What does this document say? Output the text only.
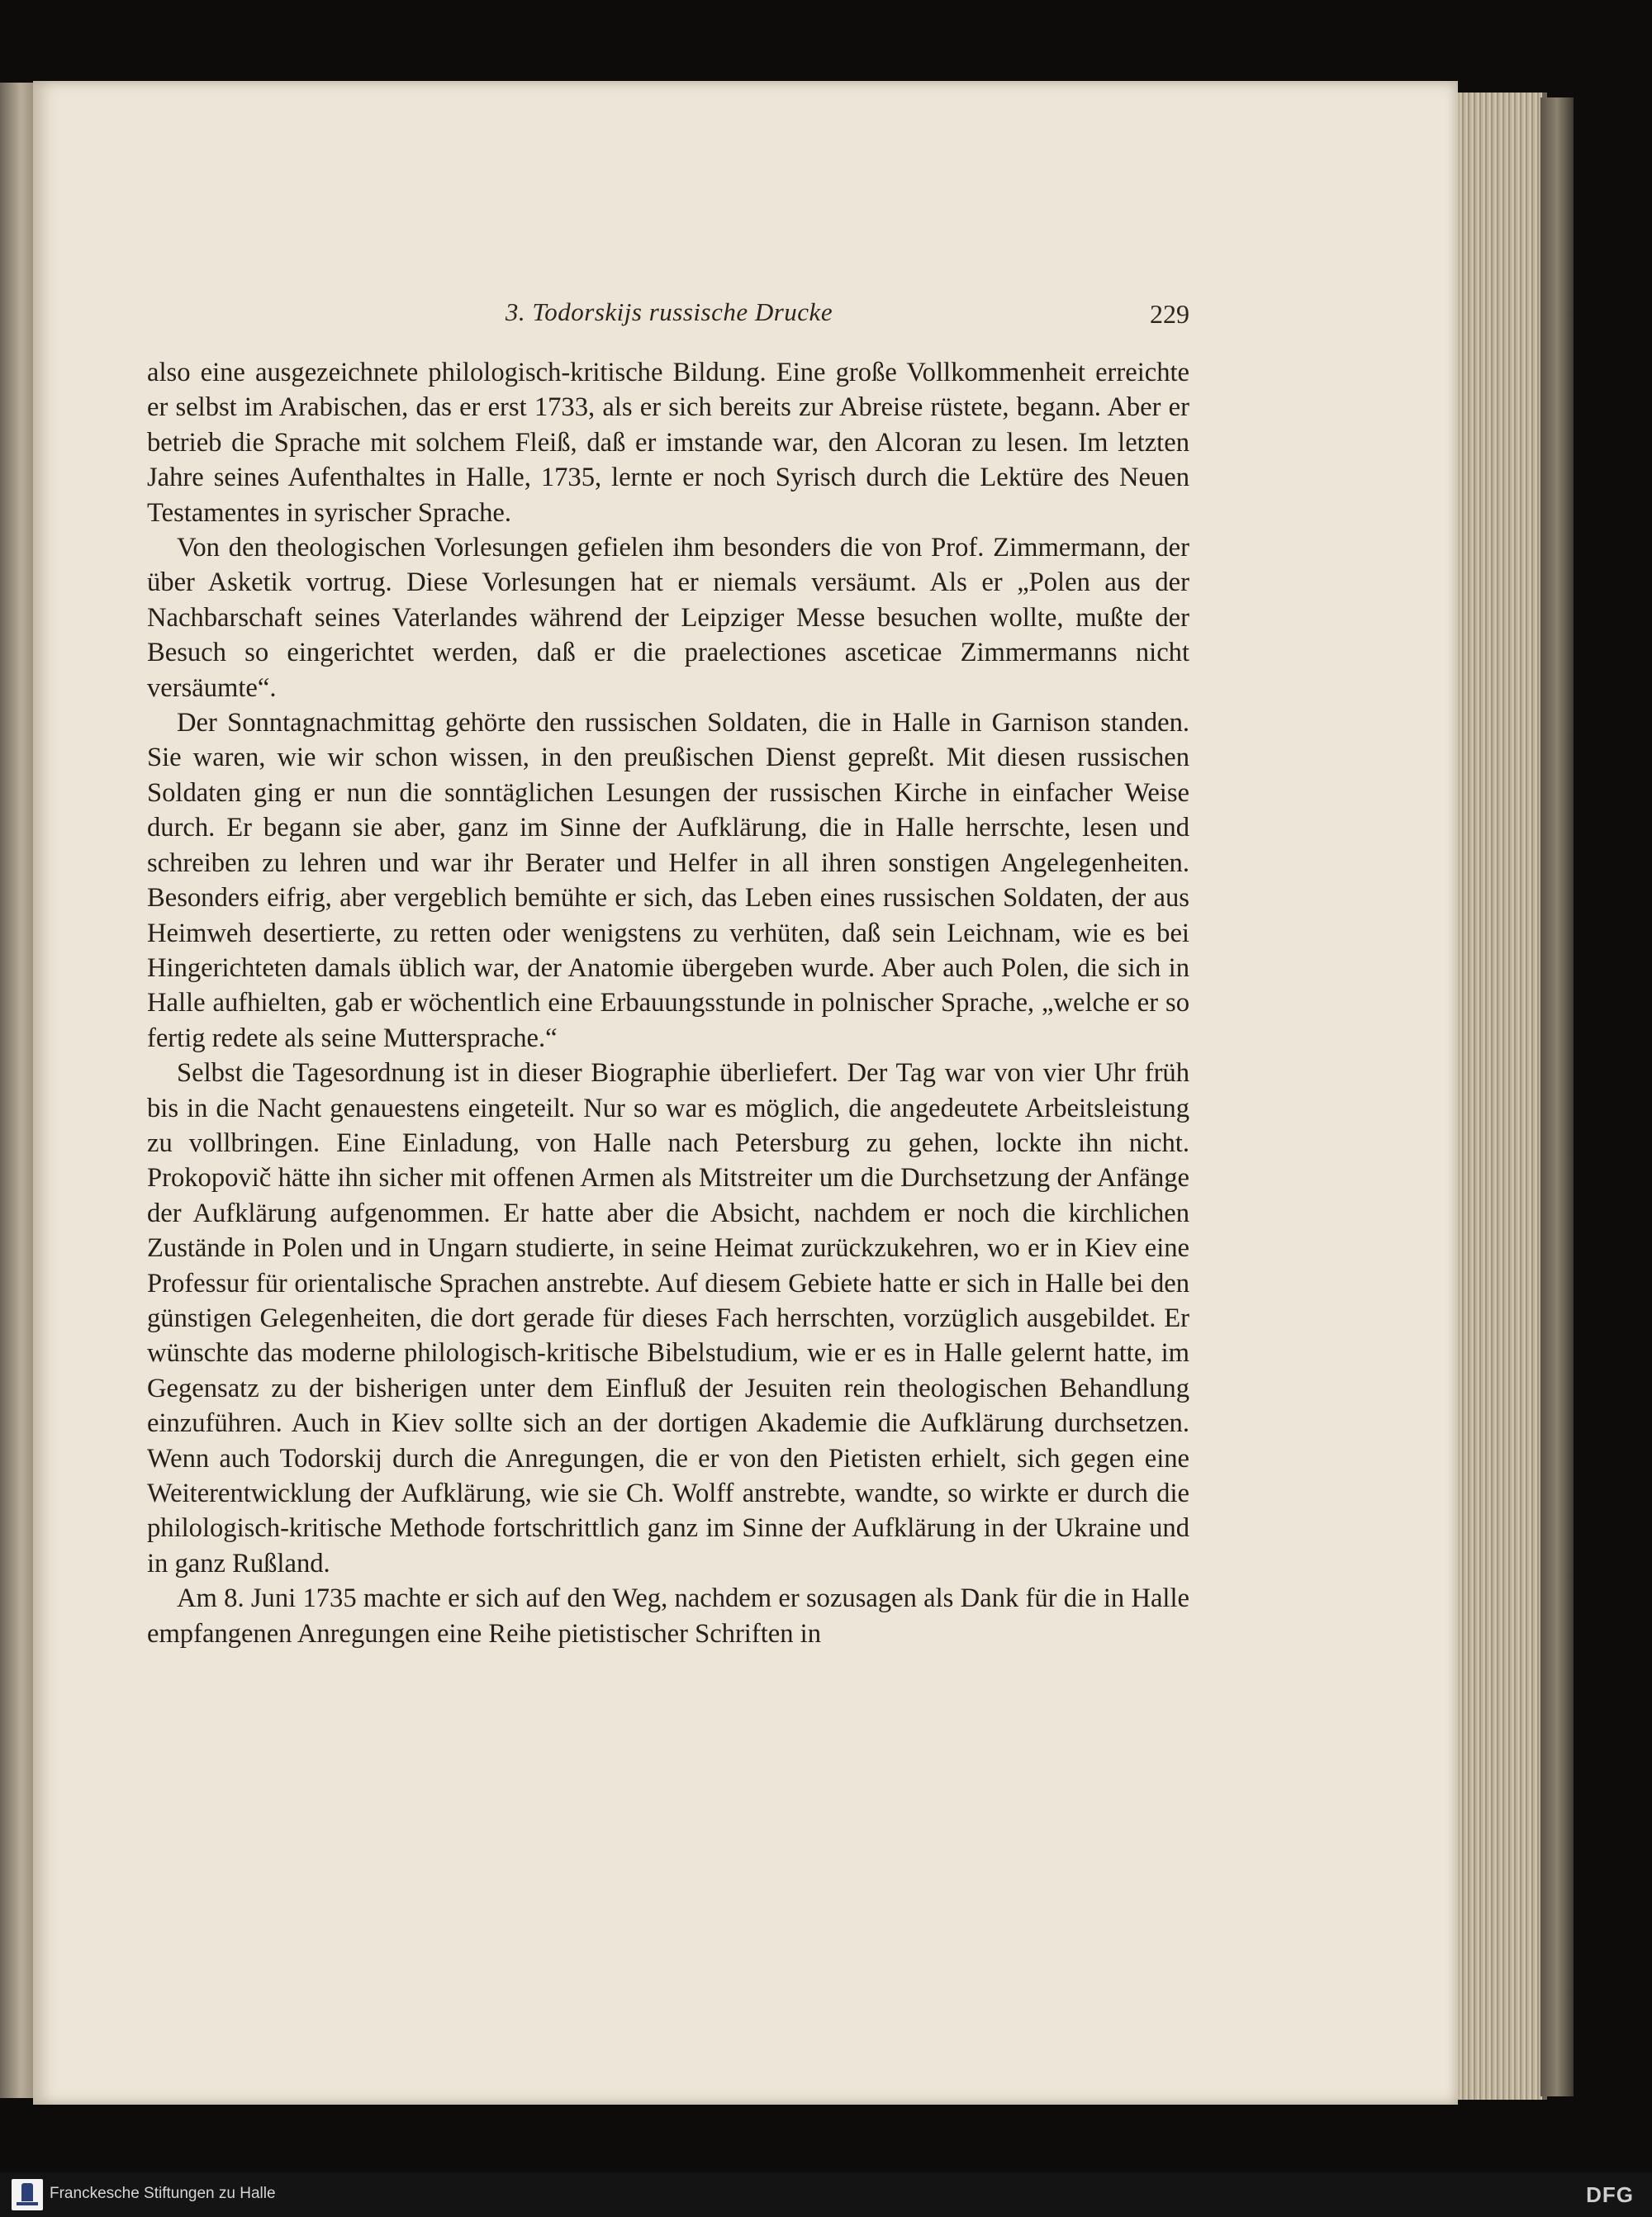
3. Todorskijs russische Drucke	229

also eine ausgezeichnete philologisch-kritische Bildung. Eine große Vollkommenheit erreichte er selbst im Arabischen, das er erst 1733, als er sich bereits zur Abreise rüstete, begann. Aber er betrieb die Sprache mit solchem Fleiß, daß er imstande war, den Alcoran zu lesen. Im letzten Jahre seines Aufenthaltes in Halle, 1735, lernte er noch Syrisch durch die Lektüre des Neuen Testamentes in syrischer Sprache.

Von den theologischen Vorlesungen gefielen ihm besonders die von Prof. Zimmermann, der über Asketik vortrug. Diese Vorlesungen hat er niemals versäumt. Als er „Polen aus der Nachbarschaft seines Vaterlandes während der Leipziger Messe besuchen wollte, mußte der Besuch so eingerichtet werden, daß er die praelectiones asceticae Zimmermanns nicht versäumte“.

Der Sonntagnachmittag gehörte den russischen Soldaten, die in Halle in Garnison standen. Sie waren, wie wir schon wissen, in den preußischen Dienst gepreßt. Mit diesen russischen Soldaten ging er nun die sonntäglichen Lesungen der russischen Kirche in einfacher Weise durch. Er begann sie aber, ganz im Sinne der Aufklärung, die in Halle herrschte, lesen und schreiben zu lehren und war ihr Berater und Helfer in all ihren sonstigen Angelegenheiten. Besonders eifrig, aber vergeblich bemühte er sich, das Leben eines russischen Soldaten, der aus Heimweh desertierte, zu retten oder wenigstens zu verhüten, daß sein Leichnam, wie es bei Hingerichteten damals üblich war, der Anatomie übergeben wurde. Aber auch Polen, die sich in Halle aufhielten, gab er wöchentlich eine Erbauungsstunde in polnischer Sprache, „welche er so fertig redete als seine Muttersprache.“

Selbst die Tagesordnung ist in dieser Biographie überliefert. Der Tag war von vier Uhr früh bis in die Nacht genauestens eingeteilt. Nur so war es möglich, die angedeutete Arbeitsleistung zu vollbringen. Eine Einladung, von Halle nach Petersburg zu gehen, lockte ihn nicht. Prokopovič hätte ihn sicher mit offenen Armen als Mitstreiter um die Durchsetzung der Anfänge der Aufklärung aufgenommen. Er hatte aber die Absicht, nachdem er noch die kirchlichen Zustände in Polen und in Ungarn studierte, in seine Heimat zurückzukehren, wo er in Kiev eine Professur für orientalische Sprachen anstrebte. Auf diesem Gebiete hatte er sich in Halle bei den günstigen Gelegenheiten, die dort gerade für dieses Fach herrschten, vorzüglich ausgebildet. Er wünschte das moderne philologisch-kritische Bibelstudium, wie er es in Halle gelernt hatte, im Gegensatz zu der bisherigen unter dem Einfluß der Jesuiten rein theologischen Behandlung einzuführen. Auch in Kiev sollte sich an der dortigen Akademie die Aufklärung durchsetzen. Wenn auch Todorskij durch die Anregungen, die er von den Pietisten erhielt, sich gegen eine Weiterentwicklung der Aufklärung, wie sie Ch. Wolff anstrebte, wandte, so wirkte er durch die philologisch-kritische Methode fortschrittlich ganz im Sinne der Aufklärung in der Ukraine und in ganz Rußland.

Am 8. Juni 1735 machte er sich auf den Weg, nachdem er sozusagen als Dank für die in Halle empfangenen Anregungen eine Reihe pietistischer Schriften in

Franckesche Stiftungen zu Halle	DFG
